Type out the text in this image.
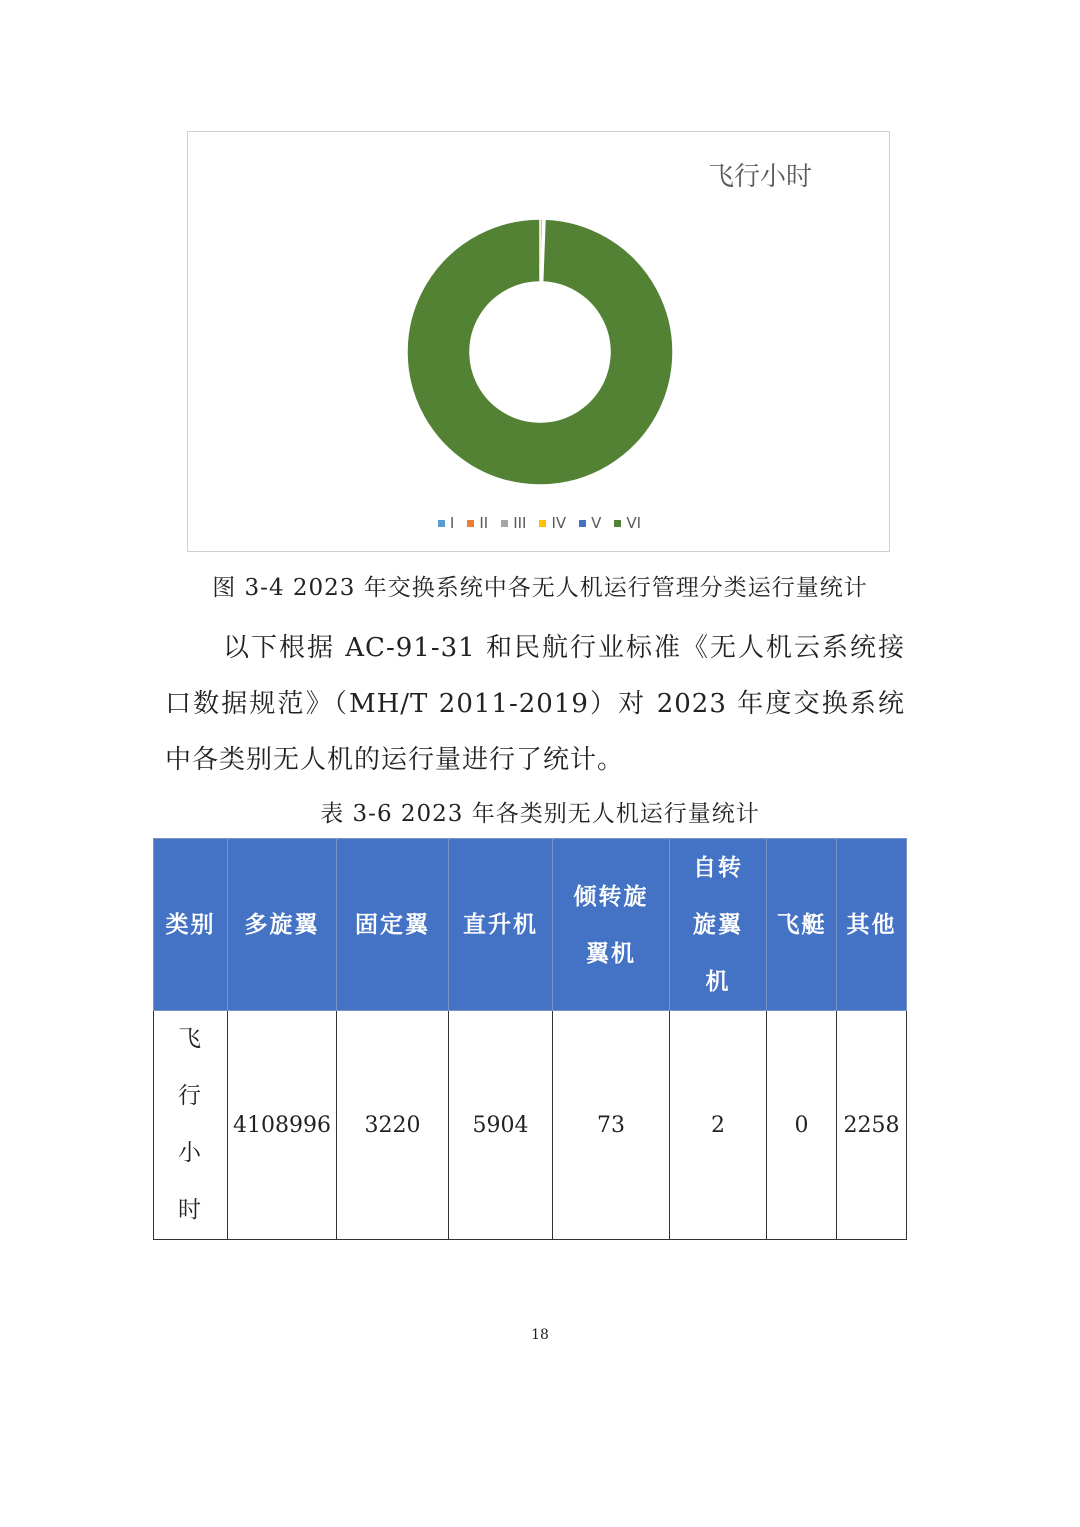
飞行小时
I II III IV V VI
图 3-4 2023 年交换系统中各无人机运行管理分类运行量统计

以下根据 AC-91-31 和民航行业标准《无人机云系统接口数据规范》（MH/T 2011-2019）对 2023 年度交换系统中各类别无人机的运行量进行了统计。

表 3-6 2023 年各类别无人机运行量统计
类别	多旋翼	固定翼	直升机	倾转旋翼机	自转旋翼机	飞艇	其他
飞行小时	4108996	3220	5904	73	2	0	2258
18
